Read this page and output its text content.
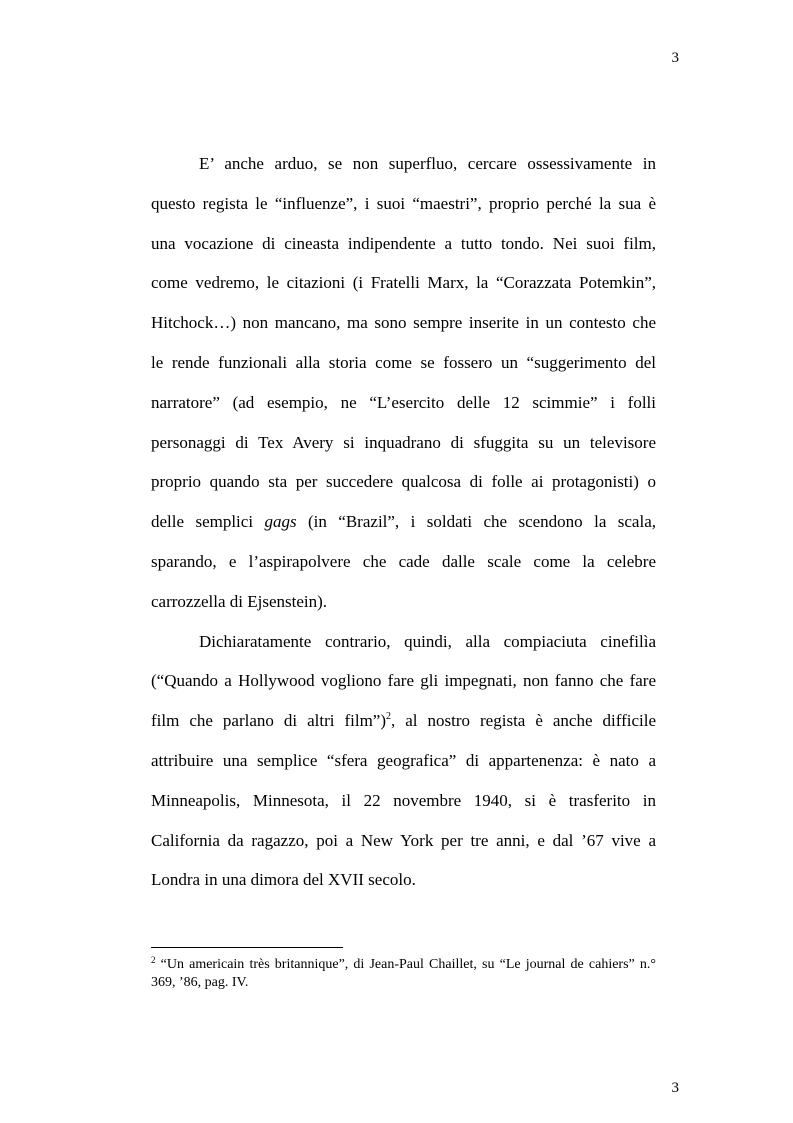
3
E’ anche arduo, se non superfluo, cercare ossessivamente in
questo regista le “influenze”, i suoi “maestri”, proprio perché la sua è
una vocazione di cineasta indipendente a tutto tondo. Nei suoi film,
come vedremo, le citazioni (i Fratelli Marx, la “Corazzata Potemkin”,
Hitchock…) non mancano, ma sono sempre inserite in un contesto che
le rende funzionali alla storia come se fossero un “suggerimento del
narratore” (ad esempio, ne “L’esercito delle 12 scimmie” i folli
personaggi di Tex Avery si inquadrano di sfuggita su un televisore
proprio quando sta per succedere qualcosa di folle ai protagonisti) o
delle semplici gags (in “Brazil”, i soldati che scendono la scala,
sparando, e l’aspirapolvere che cade dalle scale come la celebre
carrozzella di Ejsenstein).
Dichiaratamente contrario, quindi, alla compiaciuta cinefilìa
(“Quando a Hollywood vogliono fare gli impegnati, non fanno che fare
film che parlano di altri film”)$^2$, al nostro regista è anche difficile
attribuire una semplice “sfera geografica” di appartenenza: è nato a
Minneapolis, Minnesota, il 22 novembre 1940, si è trasferito in
California da ragazzo, poi a New York per tre anni, e dal ’67 vive a
Londra in una dimora del XVII secolo.
$^2$ “Un americain très britannique”, di Jean-Paul Chaillet, su “Le journal de cahiers” n.°
369, ’86, pag. IV.
3
